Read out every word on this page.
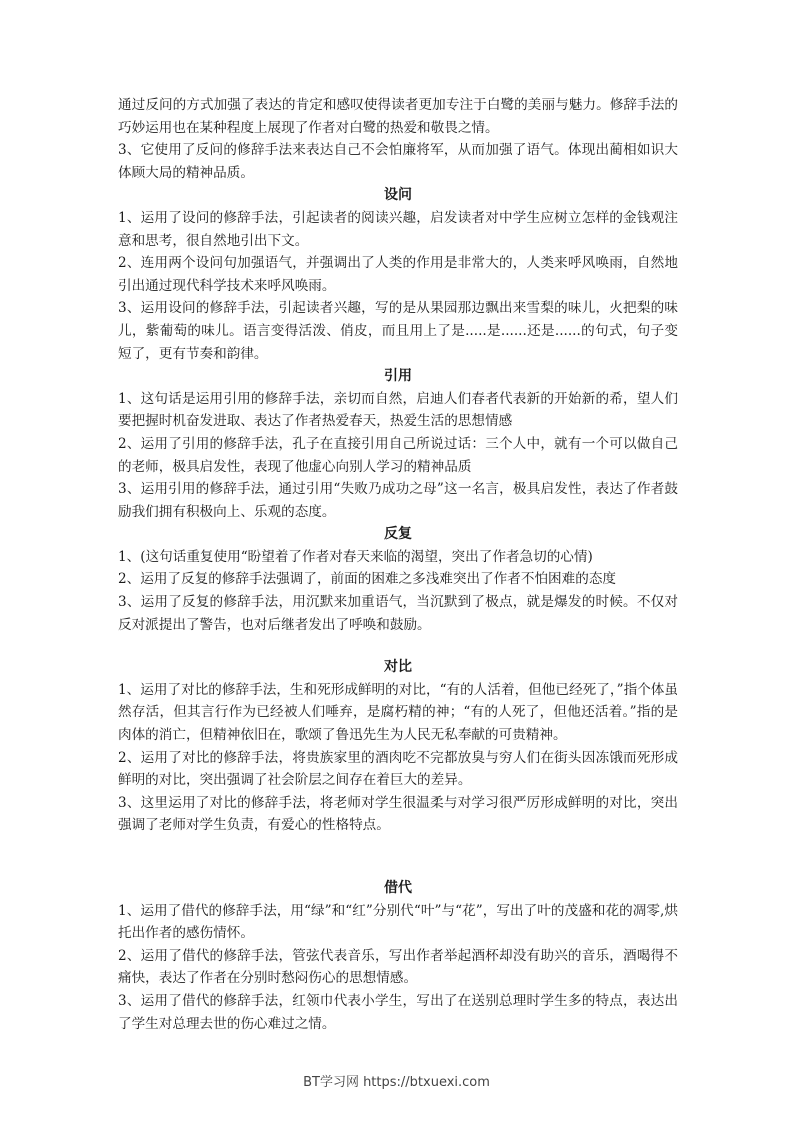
通过反问的方式加强了表达的肯定和感叹使得读者更加专注于白鹭的美丽与魅力。修辞手法的巧妙运用也在某种程度上展现了作者对白鹭的热爱和敬畏之情。

3、它使用了反问的修辞手法来表达自己不会怕廉将军，从而加强了语气。体现出蔺相如识大体顾大局的精神品质。

设问

1、运用了设问的修辞手法，引起读者的阅读兴趣，启发读者对中学生应树立怎样的金钱观注意和思考，很自然地引出下文。

2、连用两个设问句加强语气，并强调出了人类的作用是非常大的，人类来呼风唤雨，自然地引出通过现代科学技术来呼风唤雨。

3、运用设问的修辞手法，引起读者兴趣，写的是从果园那边飘出来雪梨的味儿，火把梨的味儿，紫葡萄的味儿。语言变得活泼、俏皮，而且用上了是.....是......还是......的句式，句子变短了，更有节奏和韵律。

引用

1、这句话是运用引用的修辞手法，亲切而自然，启迪人们春者代表新的开始新的希，望人们要把握时机奋发进取、表达了作者热爱春天，热爱生活的思想情感

2、运用了引用的修辞手法，孔子在直接引用自己所说过话：三个人中，就有一个可以做自己的老师，极具启发性，表现了他虚心向别人学习的精神品质

3、运用引用的修辞手法，通过引用“失败乃成功之母”这一名言，极具启发性，表达了作者鼓励我们拥有积极向上、乐观的态度。

反复

1、(这句话重复使用“盼望着了作者对春天来临的渴望，突出了作者急切的心情)

2、运用了反复的修辞手法强调了，前面的困难之多浅难突出了作者不怕困难的态度

3、运用了反复的修辞手法，用沉默来加重语气，当沉默到了极点，就是爆发的时候。不仅对反对派提出了警告，也对后继者发出了呼唤和鼓励。

对比

1、运用了对比的修辞手法，生和死形成鲜明的对比，“有的人活着，但他已经死了，”指个体虽然存活，但其言行作为已经被人们唾弃，是腐朽精的神；“有的人死了，但他还活着。”指的是肉体的消亡，但精神依旧在，歌颂了鲁迅先生为人民无私奉献的可贵精神。

2、运用了对比的修辞手法，将贵族家里的酒肉吃不完都放臭与穷人们在街头因冻饿而死形成鲜明的对比，突出强调了社会阶层之间存在着巨大的差异。

3、这里运用了对比的修辞手法，将老师对学生很温柔与对学习很严厉形成鲜明的对比，突出强调了老师对学生负责，有爱心的性格特点。

借代

1、运用了借代的修辞手法，用“绿”和“红”分别代“叶”与“花”，写出了叶的茂盛和花的凋零,烘托出作者的感伤情怀。

2、运用了借代的修辞手法，管弦代表音乐，写出作者举起酒杯却没有助兴的音乐，酒喝得不痛快，表达了作者在分别时愁闷伤心的思想情感。

3、运用了借代的修辞手法，红领巾代表小学生，写出了在送别总理时学生多的特点，表达出了学生对总理去世的伤心难过之情。

BT学习网 https://btxuexi.com
